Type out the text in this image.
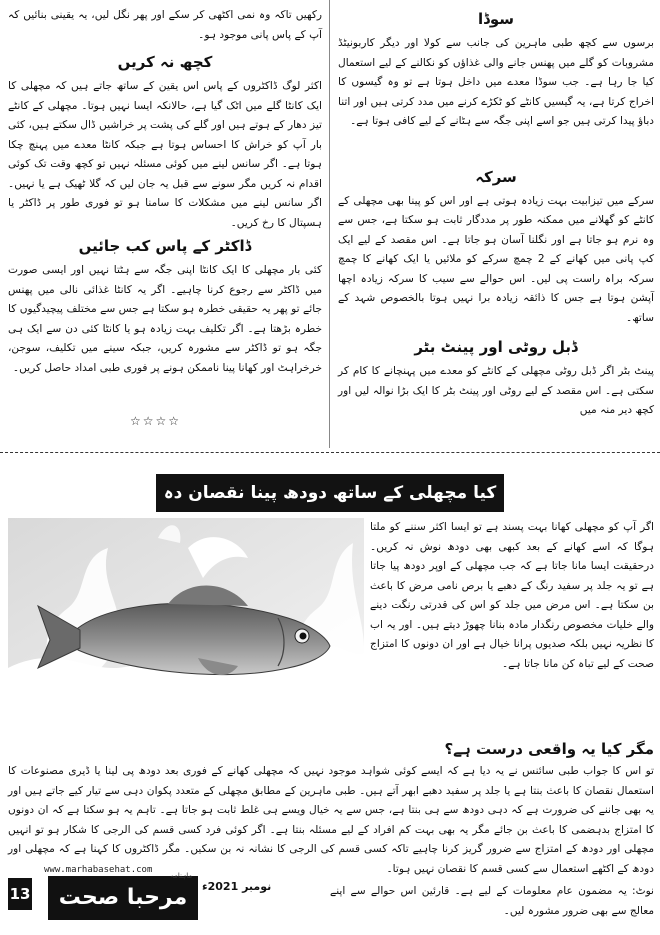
سوڈا

برسوں سے کچھ طبی ماہرین کی جانب سے کولا اور دیگر کاربونیٹڈ مشروبات کو گلے میں پھنس جانے والی غذاؤں کو نکالنے کے لیے استعمال کیا جا رہا ہے۔ جب سوڈا معدے میں داخل ہوتا ہے تو وہ گیسوں کا اخراج کرتا ہے، یہ گیسیں کانٹے کو ٹکڑے کرنے میں مدد کرتی ہیں اور اتنا دباؤ پیدا کرتی ہیں جو اسے اپنی جگہ سے ہٹانے کے لیے کافی ہوتا ہے۔

سرکہ

سرکے میں تیزابیت بہت زیادہ ہوتی ہے اور اس کو پینا بھی مچھلی کے کانٹے کو گھلانے میں ممکنہ طور پر مددگار ثابت ہو سکتا ہے، جس سے وہ نرم ہو جاتا ہے اور نگلنا آسان ہو جاتا ہے۔ اس مقصد کے لیے ایک کپ پانی میں کھانے کے 2 چمچ سرکے کو ملائیں یا ایک کھانے کا چمچ سرکہ براہ راست پی لیں۔ اس حوالے سے سیب کا سرکہ زیادہ اچھا آپشن ہوتا ہے جس کا ذائقہ زیادہ برا نہیں ہوتا بالخصوص شہد کے ساتھ۔

ڈبل روٹی اور پینٹ بٹر

پینٹ بٹر اگر ڈبل روٹی مچھلی کے کانٹے کو معدے میں پہنچانے کا کام کر سکتی ہے۔ اس مقصد کے لیے روٹی اور پینٹ بٹر کا ایک بڑا نوالہ لیں اور کچھ دیر منہ میں

رکھیں تاکہ وہ نمی اکٹھی کر سکے اور پھر نگل لیں، یہ یقینی بنائیں کہ آپ کے پاس پانی موجود ہو۔

کچھ نہ کریں

اکثر لوگ ڈاکٹروں کے پاس اس یقین کے ساتھ جاتے ہیں کہ مچھلی کا ایک کانٹا گلے میں اٹک گیا ہے، حالانکہ ایسا نہیں ہوتا۔ مچھلی کے کانٹے تیز دھار کے ہوتے ہیں اور گلے کی پشت پر خراشیں ڈال سکتے ہیں، کئی بار آپ کو خراش کا احساس ہوتا ہے جبکہ کانٹا معدے میں پہنچ چکا ہوتا ہے۔ اگر سانس لینے میں کوئی مسئلہ نہیں تو کچھ وقت تک کوئی اقدام نہ کریں مگر سونے سے قبل یہ جان لیں کہ گلا ٹھیک ہے یا نہیں۔ اگر سانس لینے میں مشکلات کا سامنا ہو تو فوری طور پر ڈاکٹر یا ہسپتال کا رخ کریں۔

ڈاکٹر کے پاس کب جائیں

کئی بار مچھلی کا ایک کانٹا اپنی جگہ سے ہٹتا نہیں اور ایسی صورت میں ڈاکٹر سے رجوع کرنا چاہیے۔ اگر یہ کانٹا غذائی نالی میں پھنس جائے تو پھر یہ حقیقی خطرہ ہو سکتا ہے جس سے مختلف پیچیدگیوں کا خطرہ بڑھتا ہے۔ اگر تکلیف بہت زیادہ ہو یا کانٹا کئی دن سے ایک ہی جگہ ہو تو ڈاکٹر سے مشورہ کریں، جبکہ سینے میں تکلیف، سوجن، خرخراہٹ اور کھانا پینا ناممکن ہونے پر فوری طبی امداد حاصل کریں۔

☆☆☆☆
کیا مچھلی کے ساتھ دودھ پینا نقصان دہ

اگر آپ کو مچھلی کھانا بہت پسند ہے تو ایسا اکثر سننے کو ملتا ہوگا کہ اسے کھانے کے بعد کبھی بھی دودھ نوش نہ کریں۔ درحقیقت ایسا مانا جاتا ہے کہ جب مچھلی کے اوپر دودھ پیا جاتا ہے تو یہ جلد پر سفید رنگ کے دھبے یا برص نامی مرض کا باعث بن سکتا ہے۔ اس مرض میں جلد کو اس کی قدرتی رنگت دینے والے خلیات مخصوص رنگدار مادہ بنانا چھوڑ دیتے ہیں۔ اور یہ اب کا نظریہ نہیں بلکہ صدیوں پرانا خیال ہے اور ان دونوں کا امتزاج صحت کے لیے تباہ کن مانا جاتا ہے۔

مگر کیا یہ واقعی درست ہے؟

تو اس کا جواب طبی سائنس نے یہ دیا ہے کہ ایسے کوئی شواہد موجود نہیں کہ مچھلی کھانے کے فوری بعد دودھ پی لینا یا ڈیری مصنوعات کا استعمال نقصان کا باعث بنتا ہے یا جلد پر سفید دھبے ابھر آتے ہیں۔ طبی ماہرین کے مطابق مچھلی کے متعدد پکوان دہی سے تیار کیے جاتے ہیں اور یہ بھی جاننے کی ضرورت ہے کہ دہی دودھ سے ہی بنتا ہے، جس سے یہ خیال ویسے ہی غلط ثابت ہو جاتا ہے۔ تاہم یہ ہو سکتا ہے کہ ان دونوں کا امتزاج بدہضمی کا باعث بن جائے مگر یہ بھی بہت کم افراد کے لیے مسئلہ بنتا ہے۔ اگر کوئی فرد کسی قسم کی الرجی کا شکار ہو تو انہیں مچھلی اور دودھ کے امتزاج سے ضرور گریز کرنا چاہیے تاکہ کسی قسم کی الرجی کا نشانہ نہ بن سکیں۔ مگر ڈاکٹروں کا کہنا ہے کہ مچھلی اور دودھ کے اکٹھے استعمال سے کسی قسم کا نقصان نہیں ہوتا۔

نوٹ: یہ مضمون عام معلومات کے لیے ہے۔ قارئین اس حوالے سے اپنے معالج سے بھی ضرور مشورہ لیں۔

www.marhabasehat.com
مرحبا صحت
ماہنامہ
نومبر 2021ء
13
